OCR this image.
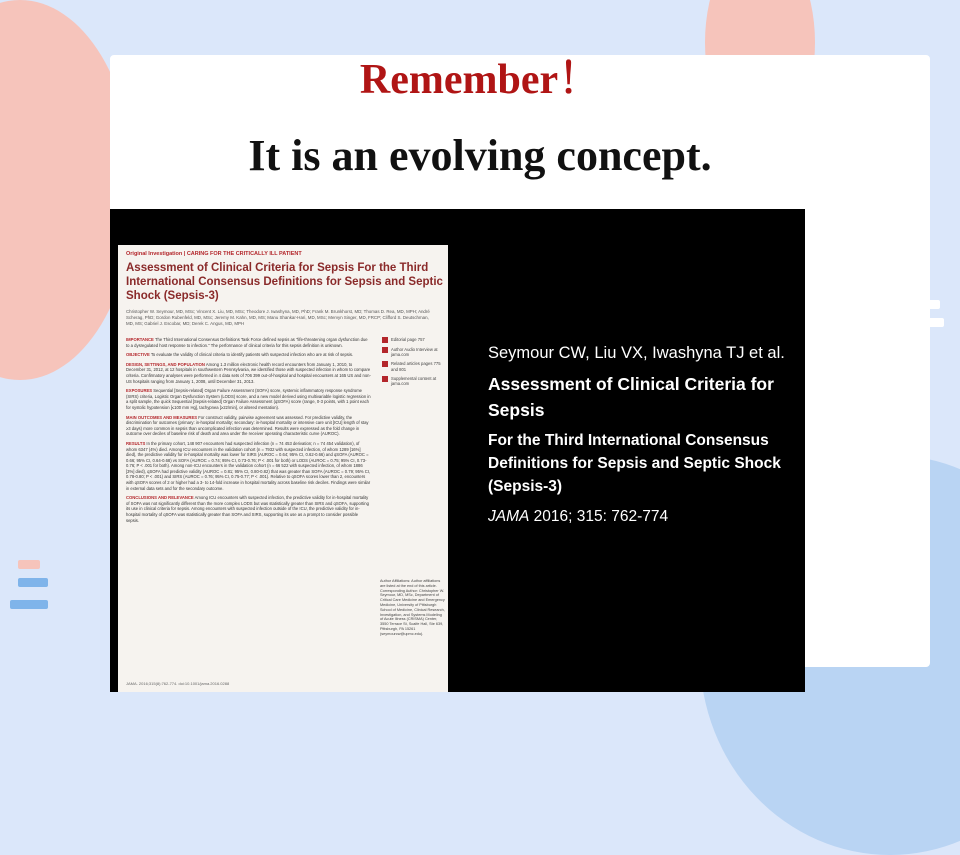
Remember！
It is an evolving concept.
Original Investigation | CARING FOR THE CRITICALLY ILL PATIENT
Assessment of Clinical Criteria for Sepsis For the Third International Consensus Definitions for Sepsis and Septic Shock (Sepsis-3)
Christopher W. Seymour, MD, MSc; Vincent X. Liu, MD, MSc; Theodore J. Iwashyna, MD, PhD; Frank M. Brunkhorst, MD; Thomas D. Rea, MD, MPH; André Scherag, PhD; Gordon Rubenfeld, MD, MSc; Jeremy M. Kahn, MD, MS; Manu Shankar-Hari, MD, MSc; Mervyn Singer, MD, FRCP; Clifford S. Deutschman, MD, MS; Gabriel J. Escobar, MD; Derek C. Angus, MD, MPH

IMPORTANCE The Third International Consensus Definitions Task Force defined sepsis as "life-threatening organ dysfunction due to a dysregulated host response to infection." The performance of clinical criteria for this sepsis definition is unknown.

OBJECTIVE To evaluate the validity of clinical criteria to identify patients with suspected infection who are at risk of sepsis.

DESIGN, SETTINGS, AND POPULATION Among 1.3 million electronic health record encounters from January 1, 2010, to December 31, 2012, at 12 hospitals in southwestern Pennsylvania, we identified those with suspected infection in whom to compare criteria. Confirmatory analyses were performed in 4 data sets of 706 399 out-of-hospital and hospital encounters at 165 US and non-US hospitals ranging from January 1, 2008, until December 31, 2013.

EXPOSURES Sequential [Sepsis-related] Organ Failure Assessment (SOFA) score, systemic inflammatory response syndrome (SIRS) criteria, Logistic Organ Dysfunction System (LODS) score, and a new model derived using multivariable logistic regression in a split sample, the quick Sequential [Sepsis-related] Organ Failure Assessment (qSOFA) score (range, 0-3 points, with 1 point each for systolic hypotension [≤100 mm Hg], tachypnea [≥22/min], or altered mentation).

MAIN OUTCOMES AND MEASURES For construct validity, pairwise agreement was assessed. For predictive validity, the discrimination for outcomes (primary: in-hospital mortality; secondary: in-hospital mortality or intensive care unit [ICU] length of stay ≥3 days) more common in sepsis than uncomplicated infection was determined. Results were expressed as the fold change in outcome over deciles of baseline risk of death and area under the receiver operating characteristic curve (AUROC).

RESULTS In the primary cohort, 148 907 encounters had suspected infection (n = 74 453 derivation; n = 74 454 validation), of whom 6347 (4%) died. Among ICU encounters in the validation cohort (n = 7932 with suspected infection, of whom 1289 [16%] died), the predictive validity for in-hospital mortality was lower for SIRS (AUROC = 0.64; 95% CI, 0.62-0.66) and qSOFA (AUROC = 0.66; 95% CI, 0.64-0.68) vs SOFA (AUROC = 0.74; 95% CI, 0.73-0.76; P < .001 for both) or LODS (AUROC = 0.75; 95% CI, 0.73-0.76; P < .001 for both). Among non-ICU encounters in the validation cohort (n = 66 522 with suspected infection, of whom 1886 [3%] died), qSOFA had predictive validity (AUROC = 0.81; 95% CI, 0.80-0.82) that was greater than SOFA (AUROC = 0.79; 95% CI, 0.78-0.80; P < .001) and SIRS (AUROC = 0.76; 95% CI, 0.75-0.77; P < .001). Relative to qSOFA scores lower than 2, encounters with qSOFA scores of 2 or higher had a 3- to 14-fold increase in hospital mortality across baseline risk deciles. Findings were similar in external data sets and for the secondary outcome.

CONCLUSIONS AND RELEVANCE Among ICU encounters with suspected infection, the predictive validity for in-hospital mortality of SOFA was not significantly different than the more complex LODS but was statistically greater than SIRS and qSOFA, supporting its use in clinical criteria for sepsis. Among encounters with suspected infection outside of the ICU, the predictive validity for in-hospital mortality of qSOFA was statistically greater than SOFA and SIRS, supporting its use as a prompt to consider possible sepsis.

Editorial page 757
Author Audio Interview at jama.com
Related articles pages 775 and 801
Supplemental content at jama.com
Author Affiliations: Author affiliations are listed at the end of this article. Corresponding Author: Christopher W. Seymour, MD, MSc, Department of Critical Care Medicine and Emergency Medicine, University of Pittsburgh School of Medicine, Clinical Research, Investigation, and Systems Modeling of Acute Illness (CRISMA) Center, 3550 Terrace St, Scaife Hall, Ste 639, Pittsburgh, PA 15261 (seymourcw@upmc.edu).
JAMA. 2016;315(8):762-774. doi:10.1001/jama.2016.0288
Seymour CW, Liu VX, Iwashyna TJ et al.
Assessment of Clinical Criteria for Sepsis
For the Third International Consensus Definitions for Sepsis and Septic Shock (Sepsis-3)
JAMA 2016; 315: 762-774
